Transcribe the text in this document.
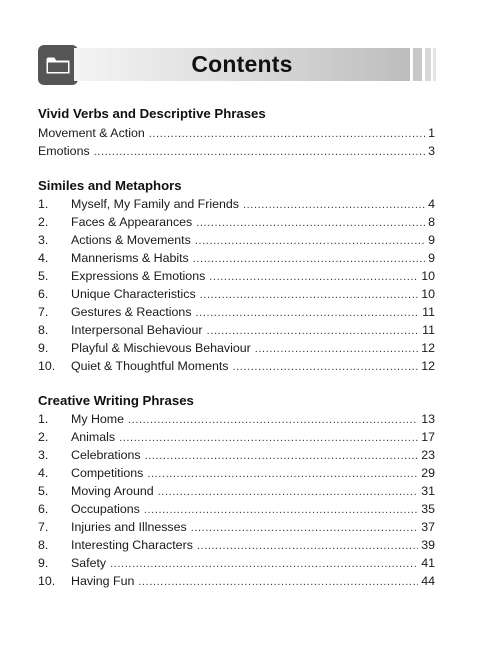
Contents
Vivid Verbs and Descriptive Phrases
Movement & Action .....	1
Emotions .....	3
Similes and Metaphors
1.	Myself, My Family and Friends .....	4
2.	Faces & Appearances .....	8
3.	Actions & Movements .....	9
4.	Mannerisms & Habits .....	9
5.	Expressions & Emotions .....	10
6.	Unique Characteristics .....	10
7.	Gestures & Reactions .....	11
8.	Interpersonal Behaviour .....	11
9.	Playful & Mischievous Behaviour .....	12
10.	Quiet & Thoughtful Moments .....	12
Creative Writing Phrases
1.	My Home .....	13
2.	Animals .....	17
3.	Celebrations .....	23
4.	Competitions .....	29
5.	Moving Around .....	31
6.	Occupations .....	35
7.	Injuries and Illnesses .....	37
8.	Interesting Characters .....	39
9.	Safety .....	41
10.	Having Fun .....	44
